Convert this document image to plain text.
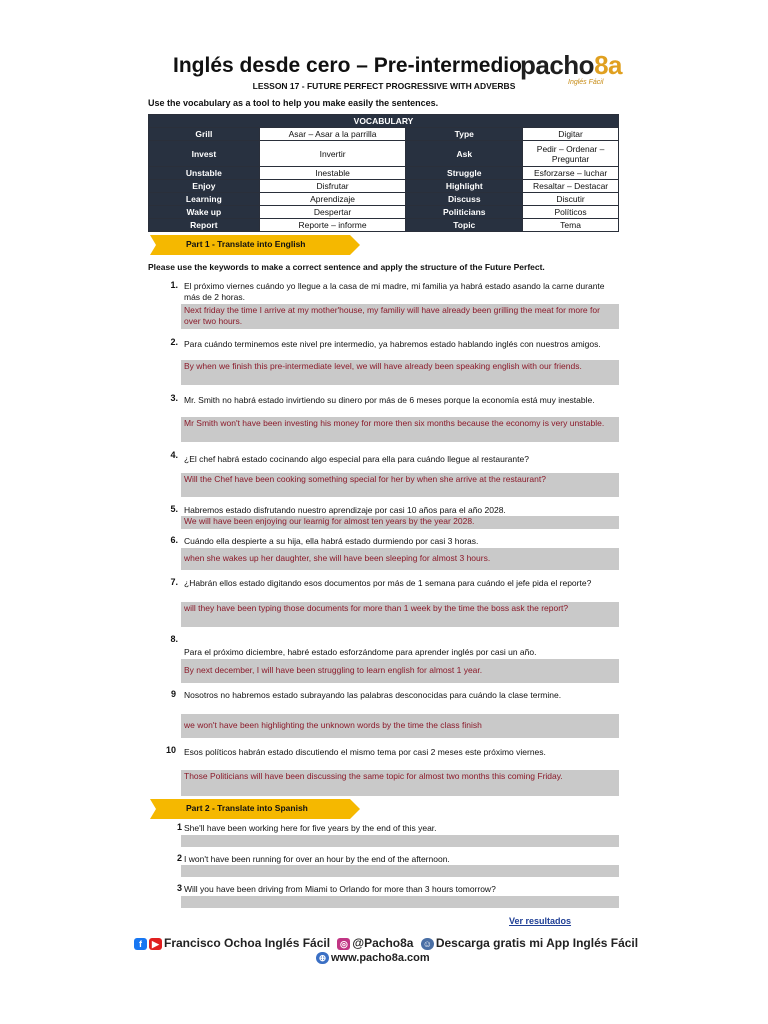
Inglés desde cero – Pre-intermedio
pacho8a
Inglés Fácil
LESSON 17 - FUTURE PERFECT PROGRESSIVE WITH ADVERBS
Use the vocabulary as a tool to help you make easily the sentences.
VOCABULARY			
Grill	Asar – Asar a la parrilla	Type	Digitar
Invest	Invertir	Ask	Pedir – Ordenar – Preguntar
Unstable	Inestable	Struggle	Esforzarse – luchar
Enjoy	Disfrutar	Highlight	Resaltar – Destacar
Learning	Aprendizaje	Discuss	Discutir
Wake up	Despertar	Politicians	Políticos
Report	Reporte – informe	Topic	Tema
Part 1 - Translate into English
Please use the keywords to make a correct sentence and apply the structure of the Future Perfect.
1. El próximo viernes cuándo yo llegue a la casa de mi madre, mi familia ya habrá estado asando la carne durante más de 2 horas.
Next friday the time I arrive at my mother'house, my familiy will have already been grilling the meat for more for over two hours.
2. Para cuándo terminemos este nivel pre intermedio, ya habremos estado hablando inglés con nuestros amigos.
By when we finish this pre-intermediate level, we will have already been speaking english with our friends.
3. Mr. Smith no habrá estado invirtiendo su dinero por más de 6 meses porque la economía está muy inestable.
Mr Smith won't have been investing his money for more then six months because the economy is very unstable.
4. ¿El chef habrá estado cocinando algo especial para ella para cuándo llegue al restaurante?
Will the Chef have been cooking something special for her by when she arrive at the restaurant?
5. Habremos estado disfrutando nuestro aprendizaje por casi 10 años para el año 2028.
We will have been enjoying our learnig for almost ten years by the year 2028.
6. Cuándo ella despierte a su hija, ella habrá estado durmiendo por casi 3 horas.
when she wakes up her daughter, she will have been sleeping for almost 3 hours.
7. ¿Habrán ellos estado digitando esos documentos por más de 1 semana para cuándo el jefe pida el reporte?
will they have been typing those documents for more than 1 week by the time the boss ask the report?
8.
Para el próximo diciembre, habré estado esforzándome para aprender inglés por casi un año.
By next december, I will have been struggling to learn english for almost 1 year.
9 Nosotros no habremos estado subrayando las palabras desconocidas para cuándo la clase termine.
we won't have been highlighting the unknown words by the time the class finish
10 Esos políticos habrán estado discutiendo el mismo tema por casi 2 meses este próximo viernes.
Those Politicians will have been discussing the same topic for almost two months this coming Friday.
Part 2 - Translate into Spanish
1 She'll have been working here for five years by the end of this year.
2 I won't have been running for over an hour by the end of the afternoon.
3 Will you have been driving from Miami to Orlando for more than 3 hours tomorrow?
Ver resultados
f ▶ Francisco Ochoa Inglés Fácil ◎ @Pacho8a ☺ Descarga gratis mi App Inglés Fácil
⊕ www.pacho8a.com
